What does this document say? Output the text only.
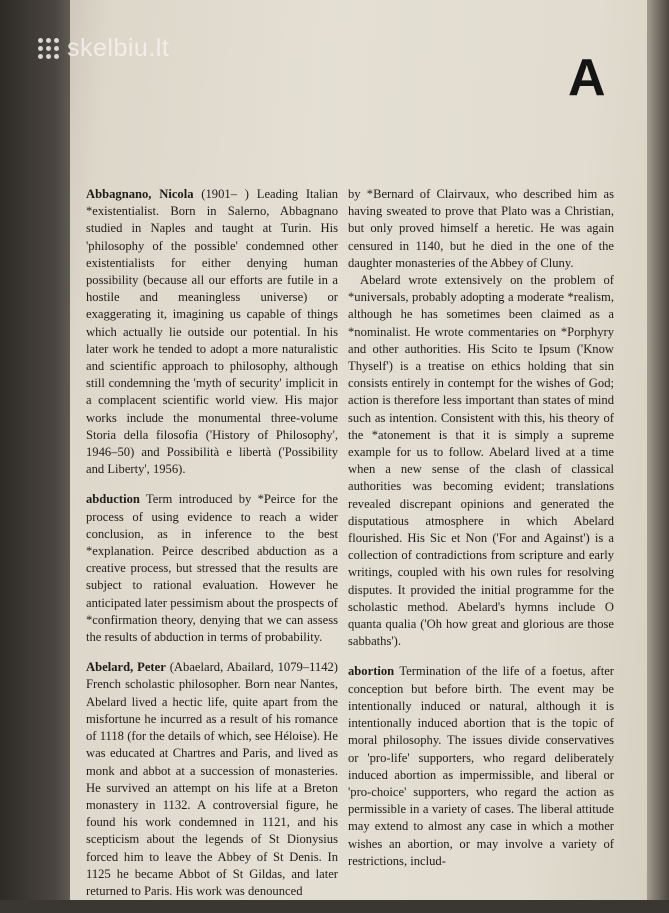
skelbiu.lt
A

Abbagnano, Nicola (1901– ) Leading Italian *existentialist. Born in Salerno, Abbagnano studied in Naples and taught at Turin. His 'philosophy of the possible' condemned other existentialists for either denying human possibility (because all our efforts are futile in a hostile and meaningless universe) or exaggerating it, imagining us capable of things which actually lie outside our potential. In his later work he tended to adopt a more naturalistic and scientific approach to philosophy, although still condemning the 'myth of security' implicit in a complacent scientific world view. His major works include the monumental three-volume Storia della filosofia ('History of Philosophy', 1946–50) and Possibilità e libertà ('Possibility and Liberty', 1956).

abduction Term introduced by *Peirce for the process of using evidence to reach a wider conclusion, as in inference to the best *explanation. Peirce described abduction as a creative process, but stressed that the results are subject to rational evaluation. However he anticipated later pessimism about the prospects of *confirmation theory, denying that we can assess the results of abduction in terms of probability.

Abelard, Peter (Abaelard, Abailard, 1079–1142) French scholastic philosopher. Born near Nantes, Abelard lived a hectic life, quite apart from the misfortune he incurred as a result of his romance of 1118 (for the details of which, see Héloise). He was educated at Chartres and Paris, and lived as monk and abbot at a succession of monasteries. He survived an attempt on his life at a Breton monastery in 1132. A controversial figure, he found his work condemned in 1121, and his scepticism about the legends of St Dionysius forced him to leave the Abbey of St Denis. In 1125 he became Abbot of St Gildas, and later returned to Paris. His work was denounced

by *Bernard of Clairvaux, who described him as having sweated to prove that Plato was a Christian, but only proved himself a heretic. He was again censured in 1140, but he died in the one of the daughter monasteries of the Abbey of Cluny.

Abelard wrote extensively on the problem of *universals, probably adopting a moderate *realism, although he has sometimes been claimed as a *nominalist. He wrote commentaries on *Porphyry and other authorities. His Scito te Ipsum ('Know Thyself') is a treatise on ethics holding that sin consists entirely in contempt for the wishes of God; action is therefore less important than states of mind such as intention. Consistent with this, his theory of the *atonement is that it is simply a supreme example for us to follow. Abelard lived at a time when a new sense of the clash of classical authorities was becoming evident; translations revealed discrepant opinions and generated the disputatious atmosphere in which Abelard flourished. His Sic et Non ('For and Against') is a collection of contradictions from scripture and early writings, coupled with his own rules for resolving disputes. It provided the initial programme for the scholastic method. Abelard's hymns include O quanta qualia ('Oh how great and glorious are those sabbaths').

abortion Termination of the life of a foetus, after conception but before birth. The event may be intentionally induced or natural, although it is intentionally induced abortion that is the topic of moral philosophy. The issues divide conservatives or 'pro-life' supporters, who regard deliberately induced abortion as impermissible, and liberal or 'pro-choice' supporters, who regard the action as permissible in a variety of cases. The liberal attitude may extend to almost any case in which a mother wishes an abortion, or may involve a variety of restrictions, includ-
